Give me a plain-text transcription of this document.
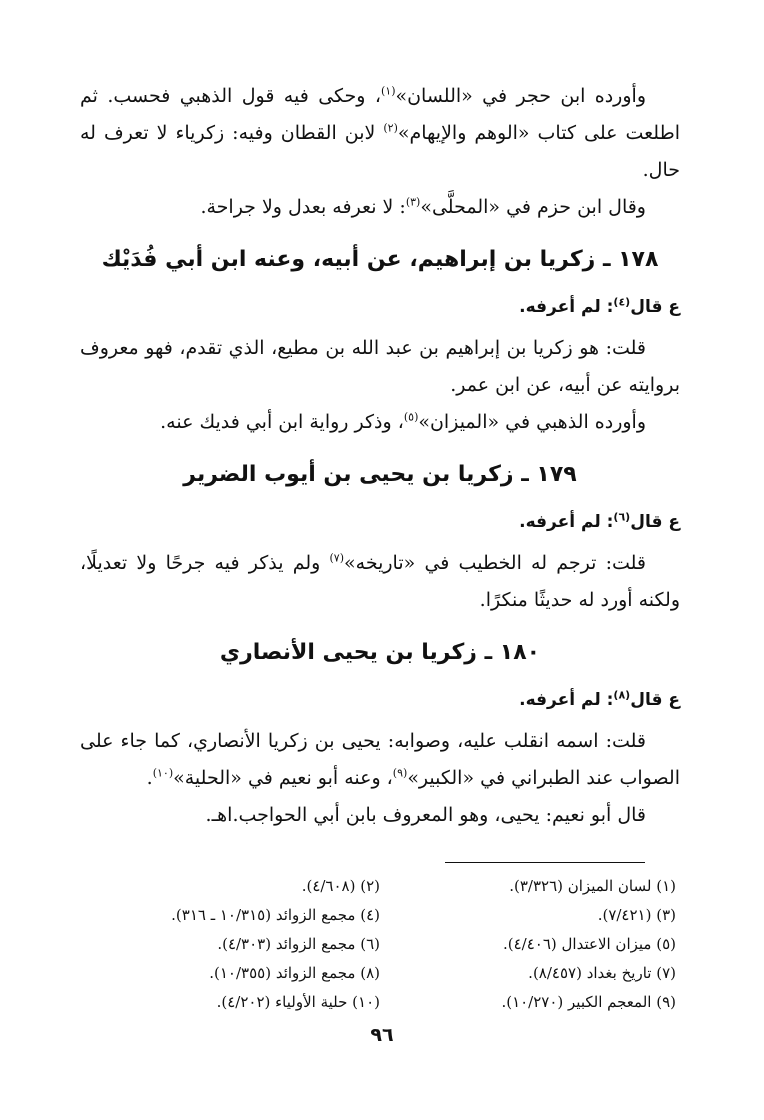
وأورده ابن حجر في «اللسان»$^{(١)}$، وحكى فيه قول الذهبي فحسب. ثم اطلعت على كتاب «الوهم والإيهام»$^{(٢)}$ لابن القطان وفيه: زكرياء لا تعرف له حال.

وقال ابن حزم في «المحلَّى»$^{(٣)}$: لا نعرفه بعدل ولا جراحة.

١٧٨ ـ زكريا بن إبراهيم، عن أبيه، وعنه ابن أبي فُدَيْك
ع قال$^{(٤)}$: لم أعرفه.

قلت: هو زكريا بن إبراهيم بن عبد الله بن مطيع، الذي تقدم، فهو معروف بروايته عن أبيه، عن ابن عمر.

وأورده الذهبي في «الميزان»$^{(٥)}$، وذكر رواية ابن أبي فديك عنه.

١٧٩ ـ زكريا بن يحيى بن أيوب الضرير
ع قال$^{(٦)}$: لم أعرفه.

قلت: ترجم له الخطيب في «تاريخه»$^{(٧)}$ ولم يذكر فيه جرحًا ولا تعديلًا، ولكنه أورد له حديثًا منكرًا.

١٨٠ ـ زكريا بن يحيى الأنصاري
ع قال$^{(٨)}$: لم أعرفه.

قلت: اسمه انقلب عليه، وصوابه: يحيى بن زكريا الأنصاري، كما جاء على الصواب عند الطبراني في «الكبير»$^{(٩)}$، وعنه أبو نعيم في «الحلية»$^{(١٠)}$.

قال أبو نعيم: يحيى، وهو المعروف بابن أبي الحواجب.اهـ.

(١) لسان الميزان (٣/٣٢٦).
(٢) (٤/٦٠٨).
(٣) (٧/٤٢١).
(٤) مجمع الزوائد (١٠/٣١٥ ـ ٣١٦).
(٥) ميزان الاعتدال (٤/٤٠٦).
(٦) مجمع الزوائد (٤/٣٠٣).
(٧) تاريخ بغداد (٨/٤٥٧).
(٨) مجمع الزوائد (١٠/٣٥٥).
(٩) المعجم الكبير (١٠/٢٧٠).
(١٠) حلية الأولياء (٤/٢٠٢).
٩٦
